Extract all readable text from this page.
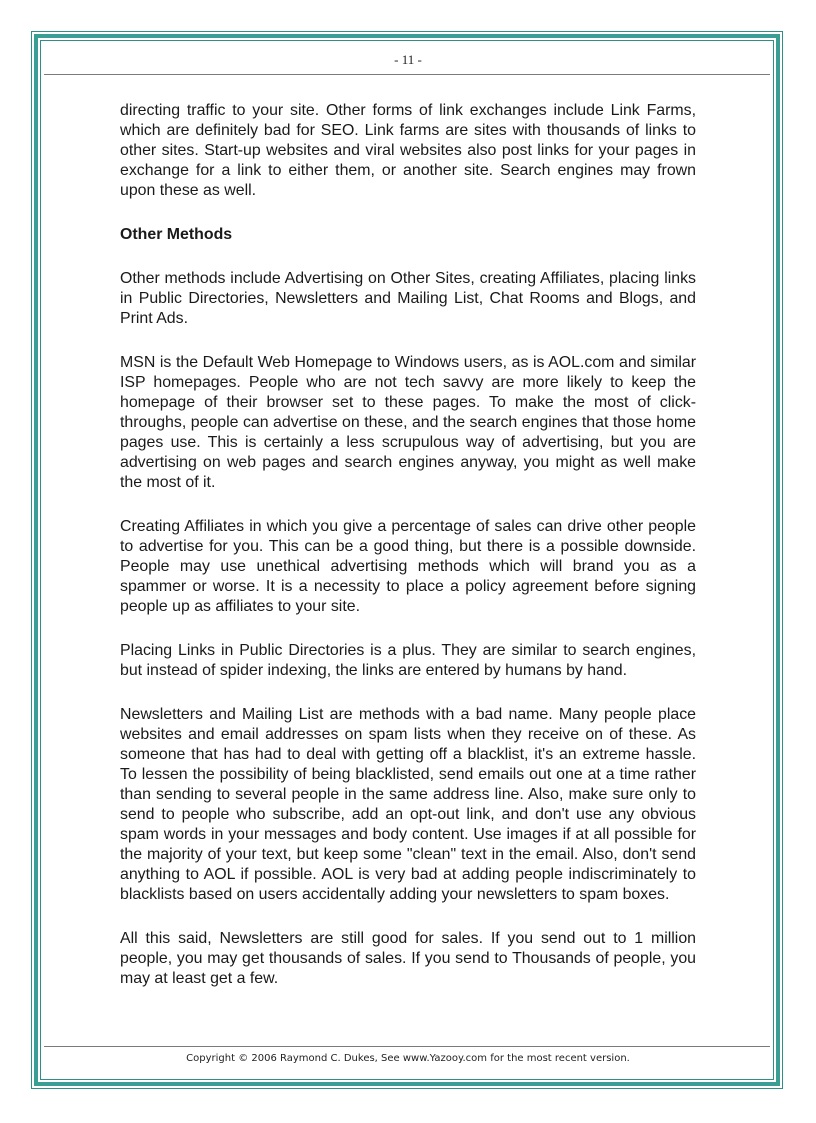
- 11 -

directing traffic to your site. Other forms of link exchanges include Link Farms, which are definitely bad for SEO. Link farms are sites with thousands of links to other sites. Start-up websites and viral websites also post links for your pages in exchange for a link to either them, or another site. Search engines may frown upon these as well.

Other Methods

Other methods include Advertising on Other Sites, creating Affiliates, placing links in Public Directories, Newsletters and Mailing List, Chat Rooms and Blogs, and Print Ads.

MSN is the Default Web Homepage to Windows users, as is AOL.com and similar ISP homepages. People who are not tech savvy are more likely to keep the homepage of their browser set to these pages. To make the most of click-throughs, people can advertise on these, and the search engines that those home pages use. This is certainly a less scrupulous way of advertising, but you are advertising on web pages and search engines anyway, you might as well make the most of it.

Creating Affiliates in which you give a percentage of sales can drive other people to advertise for you. This can be a good thing, but there is a possible downside. People may use unethical advertising methods which will brand you as a spammer or worse. It is a necessity to place a policy agreement before signing people up as affiliates to your site.

Placing Links in Public Directories is a plus. They are similar to search engines, but instead of spider indexing, the links are entered by humans by hand.

Newsletters and Mailing List are methods with a bad name. Many people place websites and email addresses on spam lists when they receive on of these. As someone that has had to deal with getting off a blacklist, it's an extreme hassle. To lessen the possibility of being blacklisted, send emails out one at a time rather than sending to several people in the same address line. Also, make sure only to send to people who subscribe, add an opt-out link, and don't use any obvious spam words in your messages and body content. Use images if at all possible for the majority of your text, but keep some "clean" text in the email. Also, don't send anything to AOL if possible. AOL is very bad at adding people indiscriminately to blacklists based on users accidentally adding your newsletters to spam boxes.

All this said, Newsletters are still good for sales. If you send out to 1 million people, you may get thousands of sales. If you send to Thousands of people, you may at least get a few.

Copyright © 2006 Raymond C. Dukes, See www.Yazooy.com for the most recent version.
